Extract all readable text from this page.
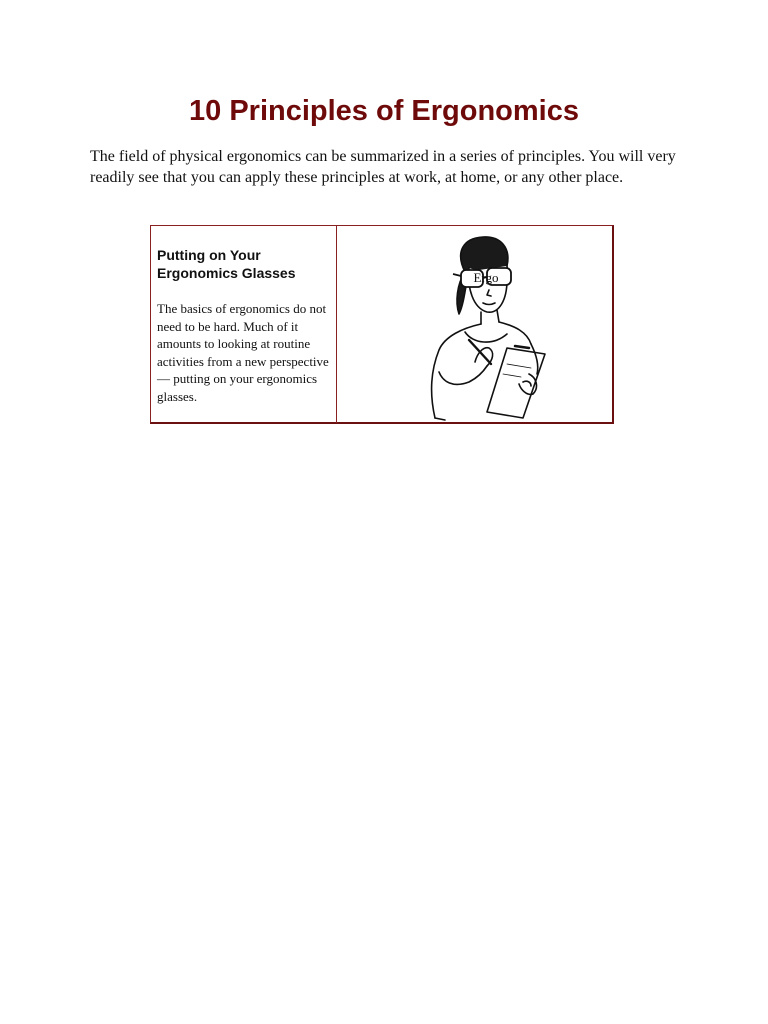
10 Principles of Ergonomics

The field of physical ergonomics can be summarized in a series of principles. You will very readily see that you can apply these principles at work, at home, or any other place.

Putting on Your Ergonomics Glasses

The basics of ergonomics do not need to be hard. Much of it amounts to looking at routine activities from a new perspective — putting on your ergonomics glasses.

Ergo
